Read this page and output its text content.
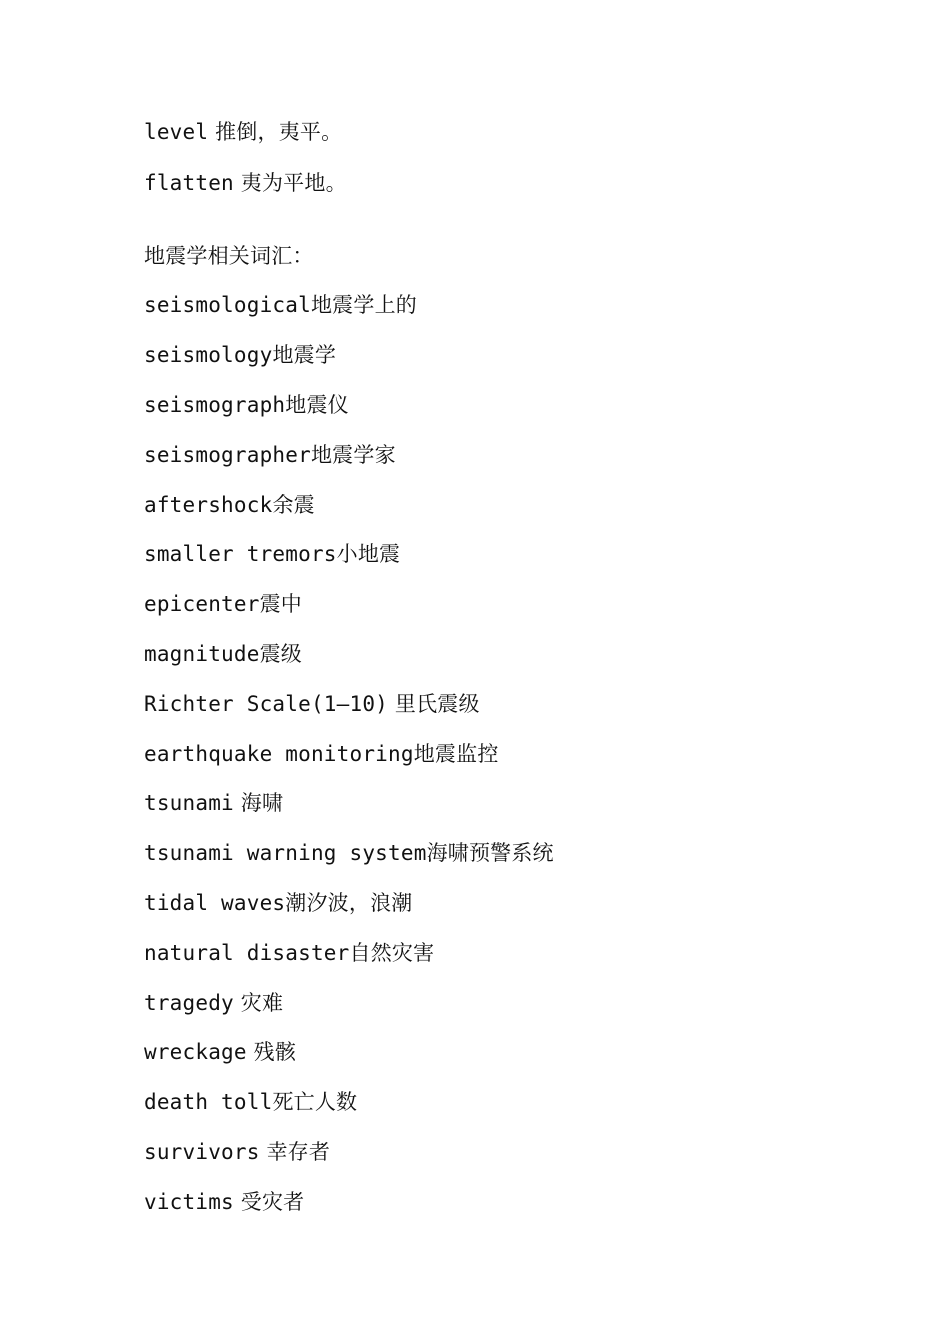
level 推倒，夷平。
flatten 夷为平地。
地震学相关词汇：
seismological地震学上的
seismology地震学
seismograph地震仪
seismographer地震学家
aftershock余震
smaller tremors小地震
epicenter震中
magnitude震级
Richter Scale(1—10) 里氏震级
earthquake monitoring地震监控
tsunami 海啸
tsunami warning system海啸预警系统
tidal waves潮汐波，浪潮
natural disaster自然灾害
tragedy 灾难
wreckage 残骸
death toll死亡人数
survivors 幸存者
victims 受灾者
